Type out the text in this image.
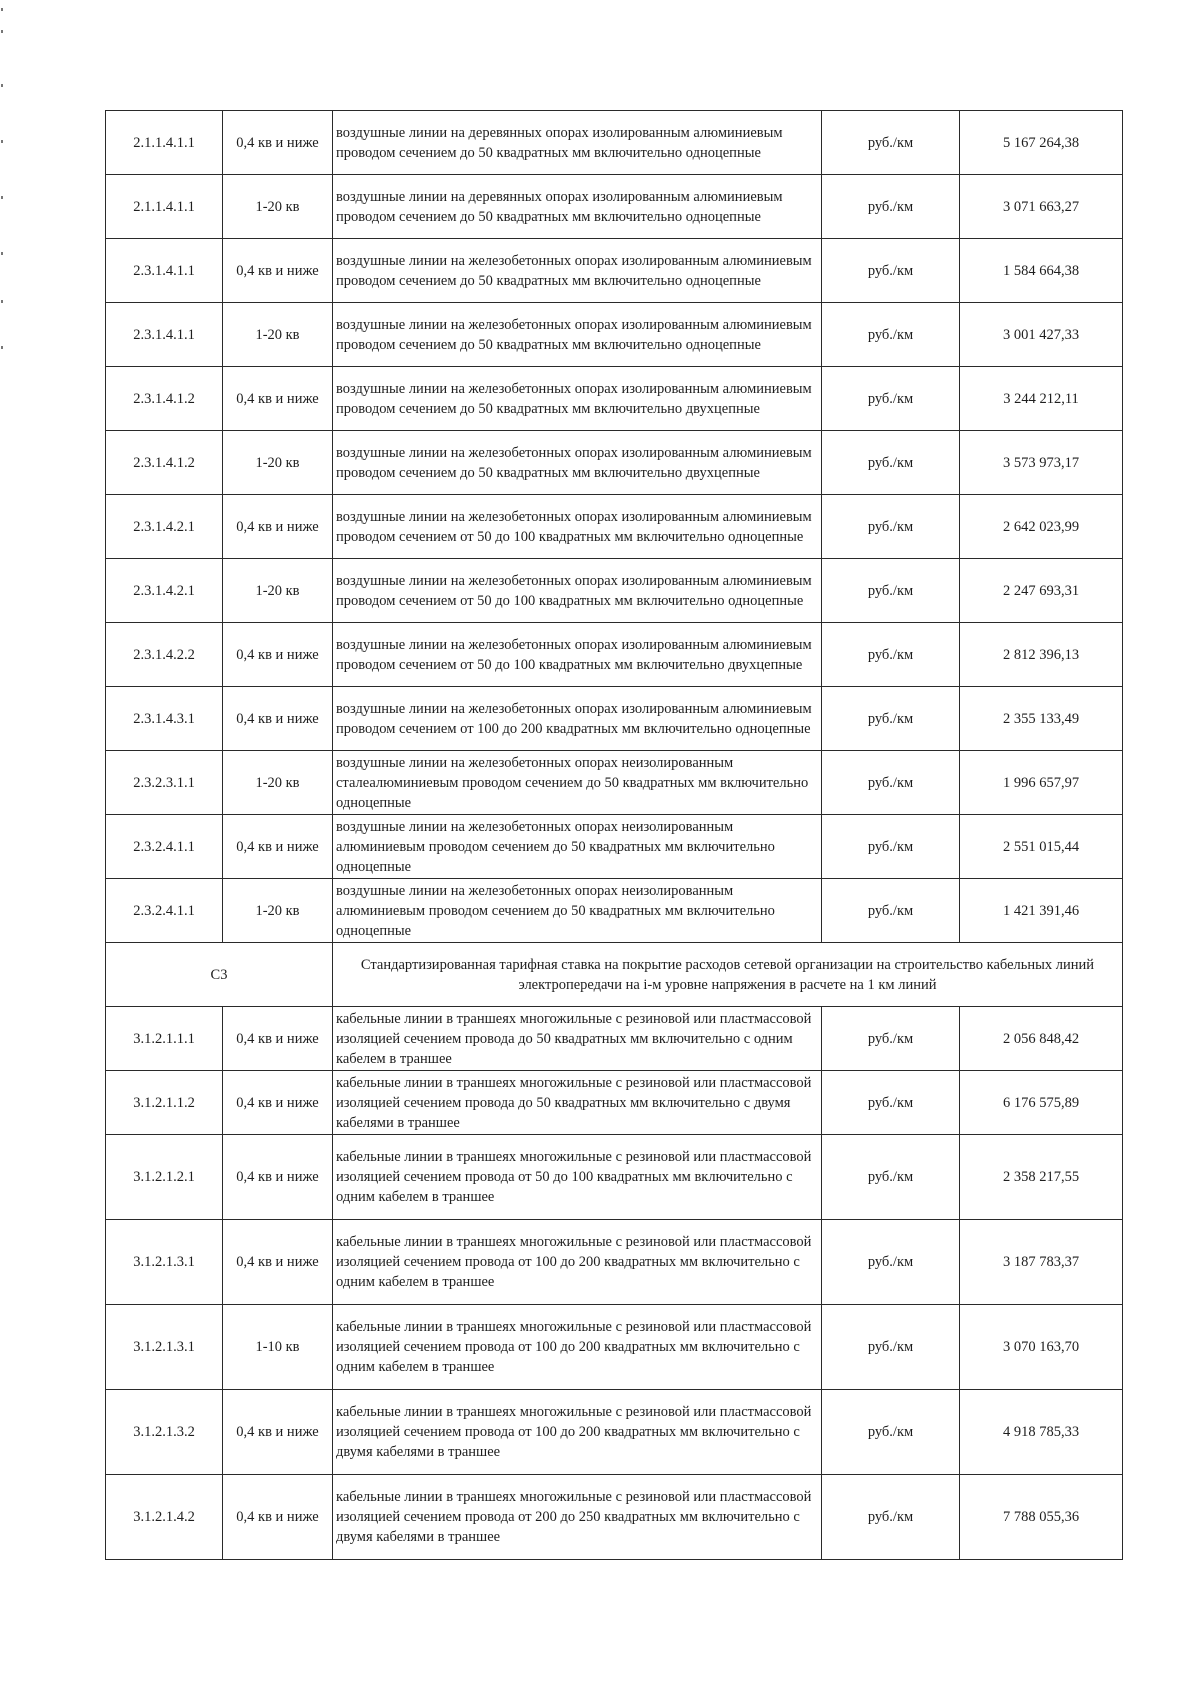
2.1.1.4.1.1	0,4 кв и ниже	воздушные линии на деревянных опорах изолированным алюминиевым проводом сечением до 50 квадратных мм включительно одноцепные	руб./км	5 167 264,38
2.1.1.4.1.1	1-20 кв	воздушные линии на деревянных опорах изолированным алюминиевым проводом сечением до 50 квадратных мм включительно одноцепные	руб./км	3 071 663,27
2.3.1.4.1.1	0,4 кв и ниже	воздушные линии на железобетонных опорах изолированным алюминиевым проводом сечением до 50 квадратных мм включительно одноцепные	руб./км	1 584 664,38
2.3.1.4.1.1	1-20 кв	воздушные линии на железобетонных опорах изолированным алюминиевым проводом сечением до 50 квадратных мм включительно одноцепные	руб./км	3 001 427,33
2.3.1.4.1.2	0,4 кв и ниже	воздушные линии на железобетонных опорах изолированным алюминиевым проводом сечением до 50 квадратных мм включительно двухцепные	руб./км	3 244 212,11
2.3.1.4.1.2	1-20 кв	воздушные линии на железобетонных опорах изолированным алюминиевым проводом сечением до 50 квадратных мм включительно двухцепные	руб./км	3 573 973,17
2.3.1.4.2.1	0,4 кв и ниже	воздушные линии на железобетонных опорах изолированным алюминиевым проводом сечением от 50 до 100 квадратных мм включительно одноцепные	руб./км	2 642 023,99
2.3.1.4.2.1	1-20 кв	воздушные линии на железобетонных опорах изолированным алюминиевым проводом сечением от 50 до 100 квадратных мм включительно одноцепные	руб./км	2 247 693,31
2.3.1.4.2.2	0,4 кв и ниже	воздушные линии на железобетонных опорах изолированным алюминиевым проводом сечением от 50 до 100 квадратных мм включительно двухцепные	руб./км	2 812 396,13
2.3.1.4.3.1	0,4 кв и ниже	воздушные линии на железобетонных опорах изолированным алюминиевым проводом сечением от 100 до 200 квадратных мм включительно одноцепные	руб./км	2 355 133,49
2.3.2.3.1.1	1-20 кв	воздушные линии на железобетонных опорах неизолированным сталеалюминиевым проводом сечением до 50 квадратных мм включительно одноцепные	руб./км	1 996 657,97
2.3.2.4.1.1	0,4 кв и ниже	воздушные линии на железобетонных опорах неизолированным алюминиевым проводом сечением до 50 квадратных мм включительно одноцепные	руб./км	2 551 015,44
2.3.2.4.1.1	1-20 кв	воздушные линии на железобетонных опорах неизолированным алюминиевым проводом сечением до 50 квадратных мм включительно одноцепные	руб./км	1 421 391,46
С3		Стандартизированная тарифная ставка на покрытие расходов сетевой организации на строительство кабельных линий электропередачи на i-м уровне напряжения в расчете на 1 км линий		
3.1.2.1.1.1	0,4 кв и ниже	кабельные линии в траншеях многожильные с резиновой или пластмассовой изоляцией сечением провода до 50 квадратных мм включительно с одним кабелем в траншее	руб./км	2 056 848,42
3.1.2.1.1.2	0,4 кв и ниже	кабельные линии в траншеях многожильные с резиновой или пластмассовой изоляцией сечением провода до 50 квадратных мм включительно с двумя кабелями в траншее	руб./км	6 176 575,89
3.1.2.1.2.1	0,4 кв и ниже	кабельные линии в траншеях многожильные с резиновой или пластмассовой изоляцией сечением провода от 50 до 100 квадратных мм включительно с одним кабелем в траншее	руб./км	2 358 217,55
3.1.2.1.3.1	0,4 кв и ниже	кабельные линии в траншеях многожильные с резиновой или пластмассовой изоляцией сечением провода от 100 до 200 квадратных мм включительно с одним кабелем в траншее	руб./км	3 187 783,37
3.1.2.1.3.1	1-10 кв	кабельные линии в траншеях многожильные с резиновой или пластмассовой изоляцией сечением провода от 100 до 200 квадратных мм включительно с одним кабелем в траншее	руб./км	3 070 163,70
3.1.2.1.3.2	0,4 кв и ниже	кабельные линии в траншеях многожильные с резиновой или пластмассовой изоляцией сечением провода от 100 до 200 квадратных мм включительно с двумя кабелями в траншее	руб./км	4 918 785,33
3.1.2.1.4.2	0,4 кв и ниже	кабельные линии в траншеях многожильные с резиновой или пластмассовой изоляцией сечением провода от 200 до 250 квадратных мм включительно с двумя кабелями в траншее	руб./км	7 788 055,36
